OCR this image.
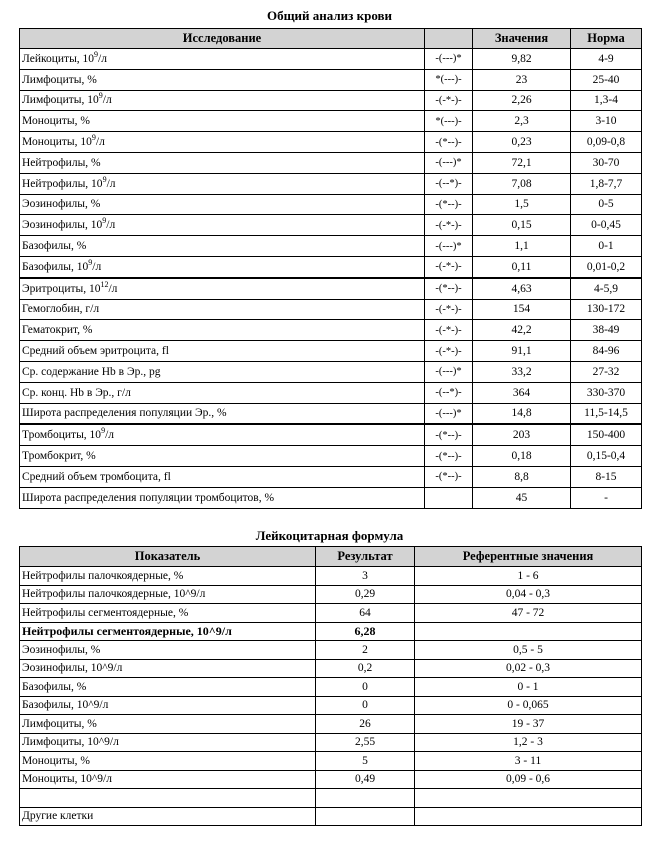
Общий анализ крови
Исследование		Значения	Норма
Лейкоциты, $10^9/л$	-(---)*	9,82	4-9
Лимфоциты, %	*(---)-	23	25-40
Лимфоциты, $10^9/л$	-(-*-)-	2,26	1,3-4
Моноциты, %	*(---)-	2,3	3-10
Моноциты, $10^9/л$	-(*--)-	0,23	0,09-0,8
Нейтрофилы, %	-(---)*	72,1	30-70
Нейтрофилы, $10^9/л$	-(--*)-	7,08	1,8-7,7
Эозинофилы, %	-(*--)-	1,5	0-5
Эозинофилы, $10^9/л$	-(-*-)-	0,15	0-0,45
Базофилы, %	-(---)*	1,1	0-1
Базофилы, $10^9/л$	-(-*-)-	0,11	0,01-0,2
Эритроциты, $10^{12}/л$	-(*--)-	4,63	4-5,9
Гемоглобин, г/л	-(-*-)-	154	130-172
Гематокрит, %	-(-*-)-	42,2	38-49
Средний объем эритроцита, fl	-(-*-)-	91,1	84-96
Ср. содержание Hb в Эр., pg	-(---)*	33,2	27-32
Ср. конц. Hb в Эр., г/л	-(--*)-	364	330-370
Широта распределения популяции Эр., %	-(---)*	14,8	11,5-14,5
Тромбоциты, $10^9/л$	-(*--)-	203	150-400
Тромбокрит, %	-(*--)-	0,18	0,15-0,4
Средний объем тромбоцита, fl	-(*--)-	8,8	8-15
Широта распределения популяции тромбоцитов, %		45	-
Лейкоцитарная формула
Показатель	Результат	Референтные значения
Нейтрофилы палочкоядерные, %	3	1 - 6
Нейтрофилы палочкоядерные, 10^9/л	0,29	0,04 - 0,3
Нейтрофилы сегментоядерные, %	64	47 - 72
Нейтрофилы сегментоядерные, 10^9/л	6,28	
Эозинофилы, %	2	0,5 - 5
Эозинофилы, 10^9/л	0,2	0,02 - 0,3
Базофилы, %	0	0 - 1
Базофилы, 10^9/л	0	0 - 0,065
Лимфоциты, %	26	19 - 37
Лимфоциты, 10^9/л	2,55	1,2 - 3
Моноциты, %	5	3 - 11
Моноциты, 10^9/л	0,49	0,09 - 0,6

Другие клетки		
